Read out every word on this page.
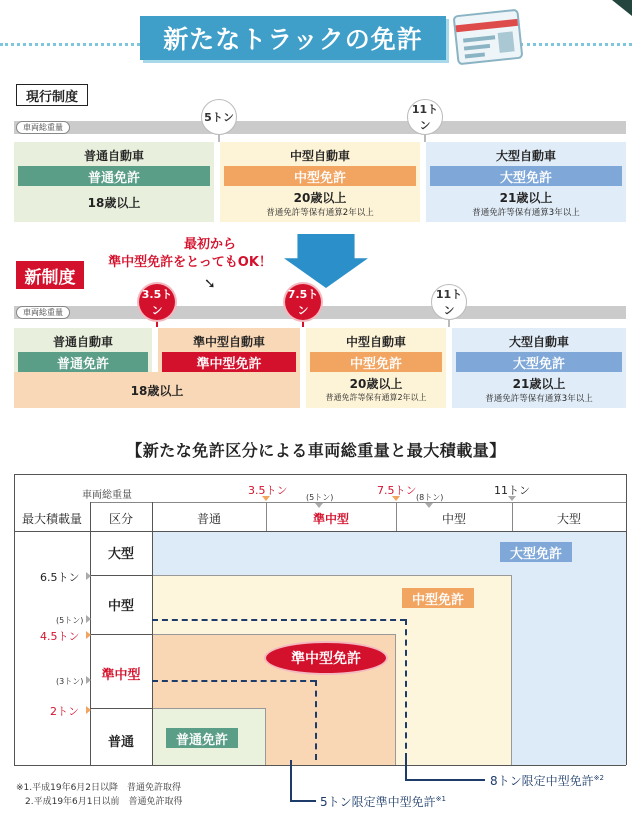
新たなトラックの免許
現行制度
車両総重量
5トン
11トン
普通自動車
普通免許
18歳以上
中型自動車
中型免許
20歳以上
普通免許等保有通算2年以上
大型自動車
大型免許
21歳以上
普通免許等保有通算3年以上
最初から
準中型免許をとってもOK！
➘
新制度
車両総重量
3.5トン
7.5トン
11トン
普通自動車
普通免許
準中型自動車
準中型免許
18歳以上
中型自動車
中型免許
20歳以上
普通免許等保有通算2年以上
大型自動車
大型免許
21歳以上
普通免許等保有通算3年以上
【新たな免許区分による車両総重量と最大積載量】
車両総重量
最大積載量	区分
3.5トン
(5トン)
7.5トン
(8トン)
11トン
普通	準中型	中型	大型
大型
中型
準中型
普通
6.5トン
(5トン)
4.5トン
(3トン)
2トン
大型免許
中型免許
準中型免許
普通免許
8トン限定中型免許$^{※2}$
5トン限定準中型免許$^{※1}$
※1.平成19年6月2日以降　普通免許取得
　2.平成19年6月1日以前　普通免許取得
